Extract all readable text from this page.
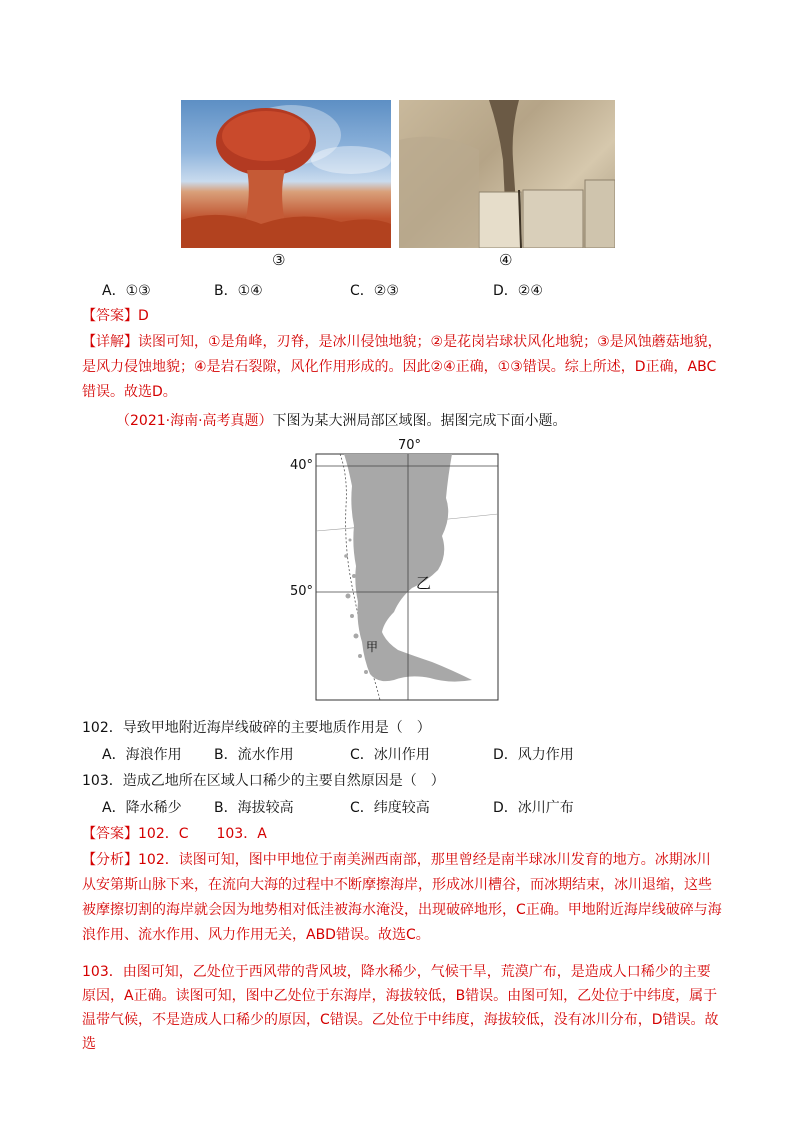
③	④
A．①③	B．①④	C．②③	D．②④
【答案】D
【详解】读图可知，①是角峰，刃脊，是冰川侵蚀地貌；②是花岗岩球状风化地貌；③是风蚀蘑菇地貌，是风力侵蚀地貌；④是岩石裂隙，风化作用形成的。因此②④正确，①③错误。综上所述，D正确，ABC错误。故选D。
（2021·海南·高考真题）下图为某大洲局部区域图。据图完成下面小题。
70°
40°
50°	乙
甲
102．导致甲地附近海岸线破碎的主要地质作用是（　）
A．海浪作用 B．流水作用	C．冰川作用	D．风力作用
103．造成乙地所在区域人口稀少的主要自然原因是（　）
A．降水稀少 B．海拔较高	C．纬度较高	D．冰川广布
【答案】102．C　　103．A
【分析】102．读图可知，图中甲地位于南美洲西南部，那里曾经是南半球冰川发育的地方。冰期冰川从安第斯山脉下来，在流向大海的过程中不断摩擦海岸，形成冰川槽谷，而冰期结束，冰川退缩，这些被摩擦切割的海岸就会因为地势相对低洼被海水淹没，出现破碎地形，C正确。甲地附近海岸线破碎与海浪作用、流水作用、风力作用无关，ABD错误。故选C。
103．由图可知，乙处位于西风带的背风坡，降水稀少，气候干旱，荒漠广布，是造成人口稀少的主要原因，A正确。读图可知，图中乙处位于东海岸，海拔较低，B错误。由图可知，乙处位于中纬度，属于温带气候，不是造成人口稀少的原因，C错误。乙处位于中纬度，海拔较低，没有冰川分布，D错误。故选
